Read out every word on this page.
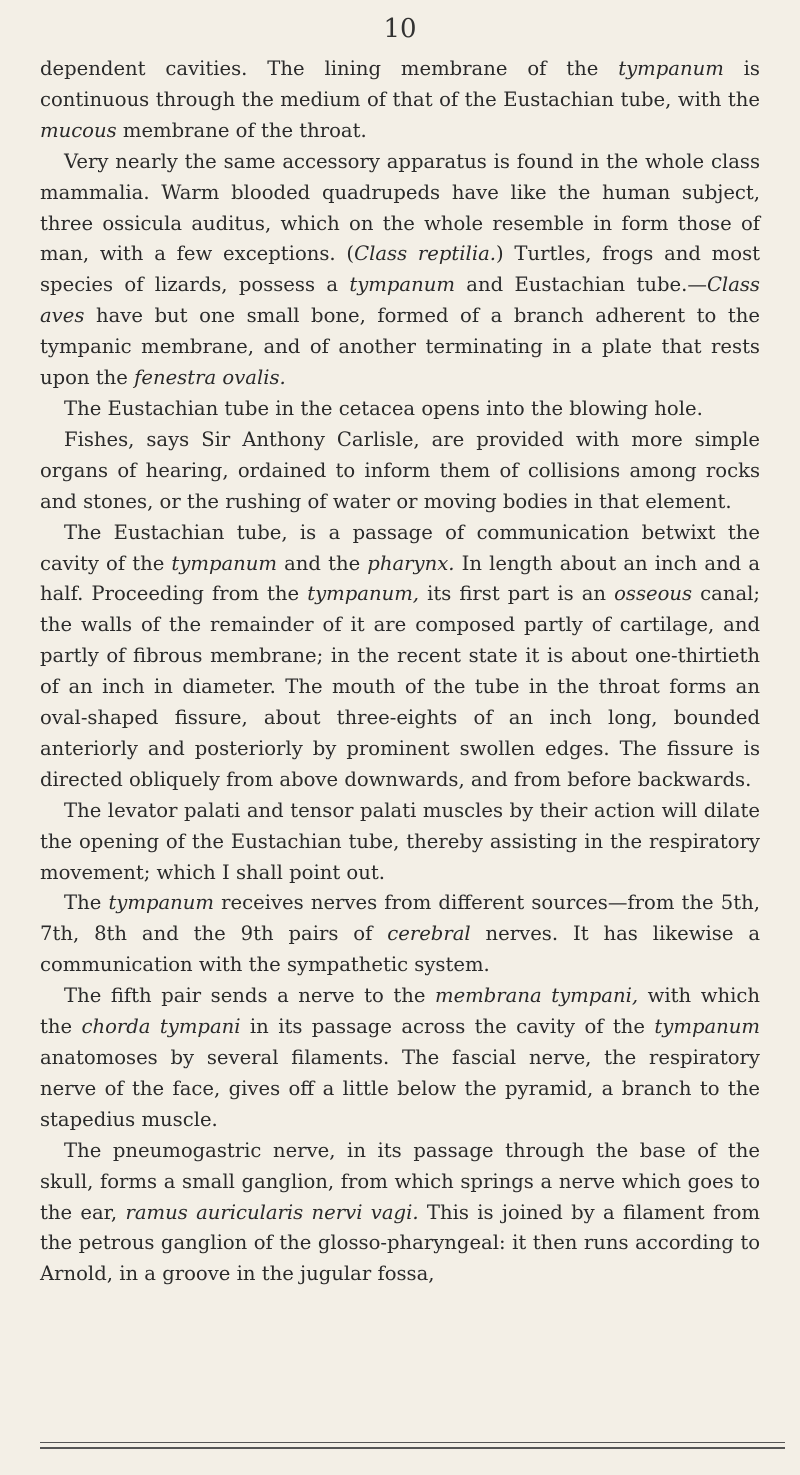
10

dependent cavities. The lining membrane of the tympanum is continuous through the medium of that of the Eustachian tube, with the mucous membrane of the throat.

Very nearly the same accessory apparatus is found in the whole class mammalia. Warm blooded quadrupeds have like the human subject, three ossicula auditus, which on the whole resemble in form those of man, with a few exceptions. (Class reptilia.) Turtles, frogs and most species of lizards, possess a tympanum and Eustachian tube.—Class aves have but one small bone, formed of a branch adherent to the tympanic membrane, and of another terminating in a plate that rests upon the fenestra ovalis.

The Eustachian tube in the cetacea opens into the blowing hole.

Fishes, says Sir Anthony Carlisle, are provided with more simple organs of hearing, ordained to inform them of collisions among rocks and stones, or the rushing of water or moving bodies in that element.

The Eustachian tube, is a passage of communication betwixt the cavity of the tympanum and the pharynx. In length about an inch and a half. Proceeding from the tympanum, its first part is an osseous canal; the walls of the remainder of it are composed partly of cartilage, and partly of fibrous membrane; in the recent state it is about one-thirtieth of an inch in diameter. The mouth of the tube in the throat forms an oval-shaped fissure, about three-eights of an inch long, bounded anteriorly and posteriorly by prominent swollen edges. The fissure is directed obliquely from above downwards, and from before backwards.

The levator palati and tensor palati muscles by their action will dilate the opening of the Eustachian tube, thereby assisting in the respiratory movement; which I shall point out.

The tympanum receives nerves from different sources—from the 5th, 7th, 8th and the 9th pairs of cerebral nerves. It has likewise a communication with the sympathetic system.

The fifth pair sends a nerve to the membrana tympani, with which the chorda tympani in its passage across the cavity of the tympanum anatomoses by several filaments. The fascial nerve, the respiratory nerve of the face, gives off a little below the pyramid, a branch to the stapedius muscle.

The pneumogastric nerve, in its passage through the base of the skull, forms a small ganglion, from which springs a nerve which goes to the ear, ramus auricularis nervi vagi. This is joined by a filament from the petrous ganglion of the glosso-pharyngeal: it then runs according to Arnold, in a groove in the jugular fossa,
